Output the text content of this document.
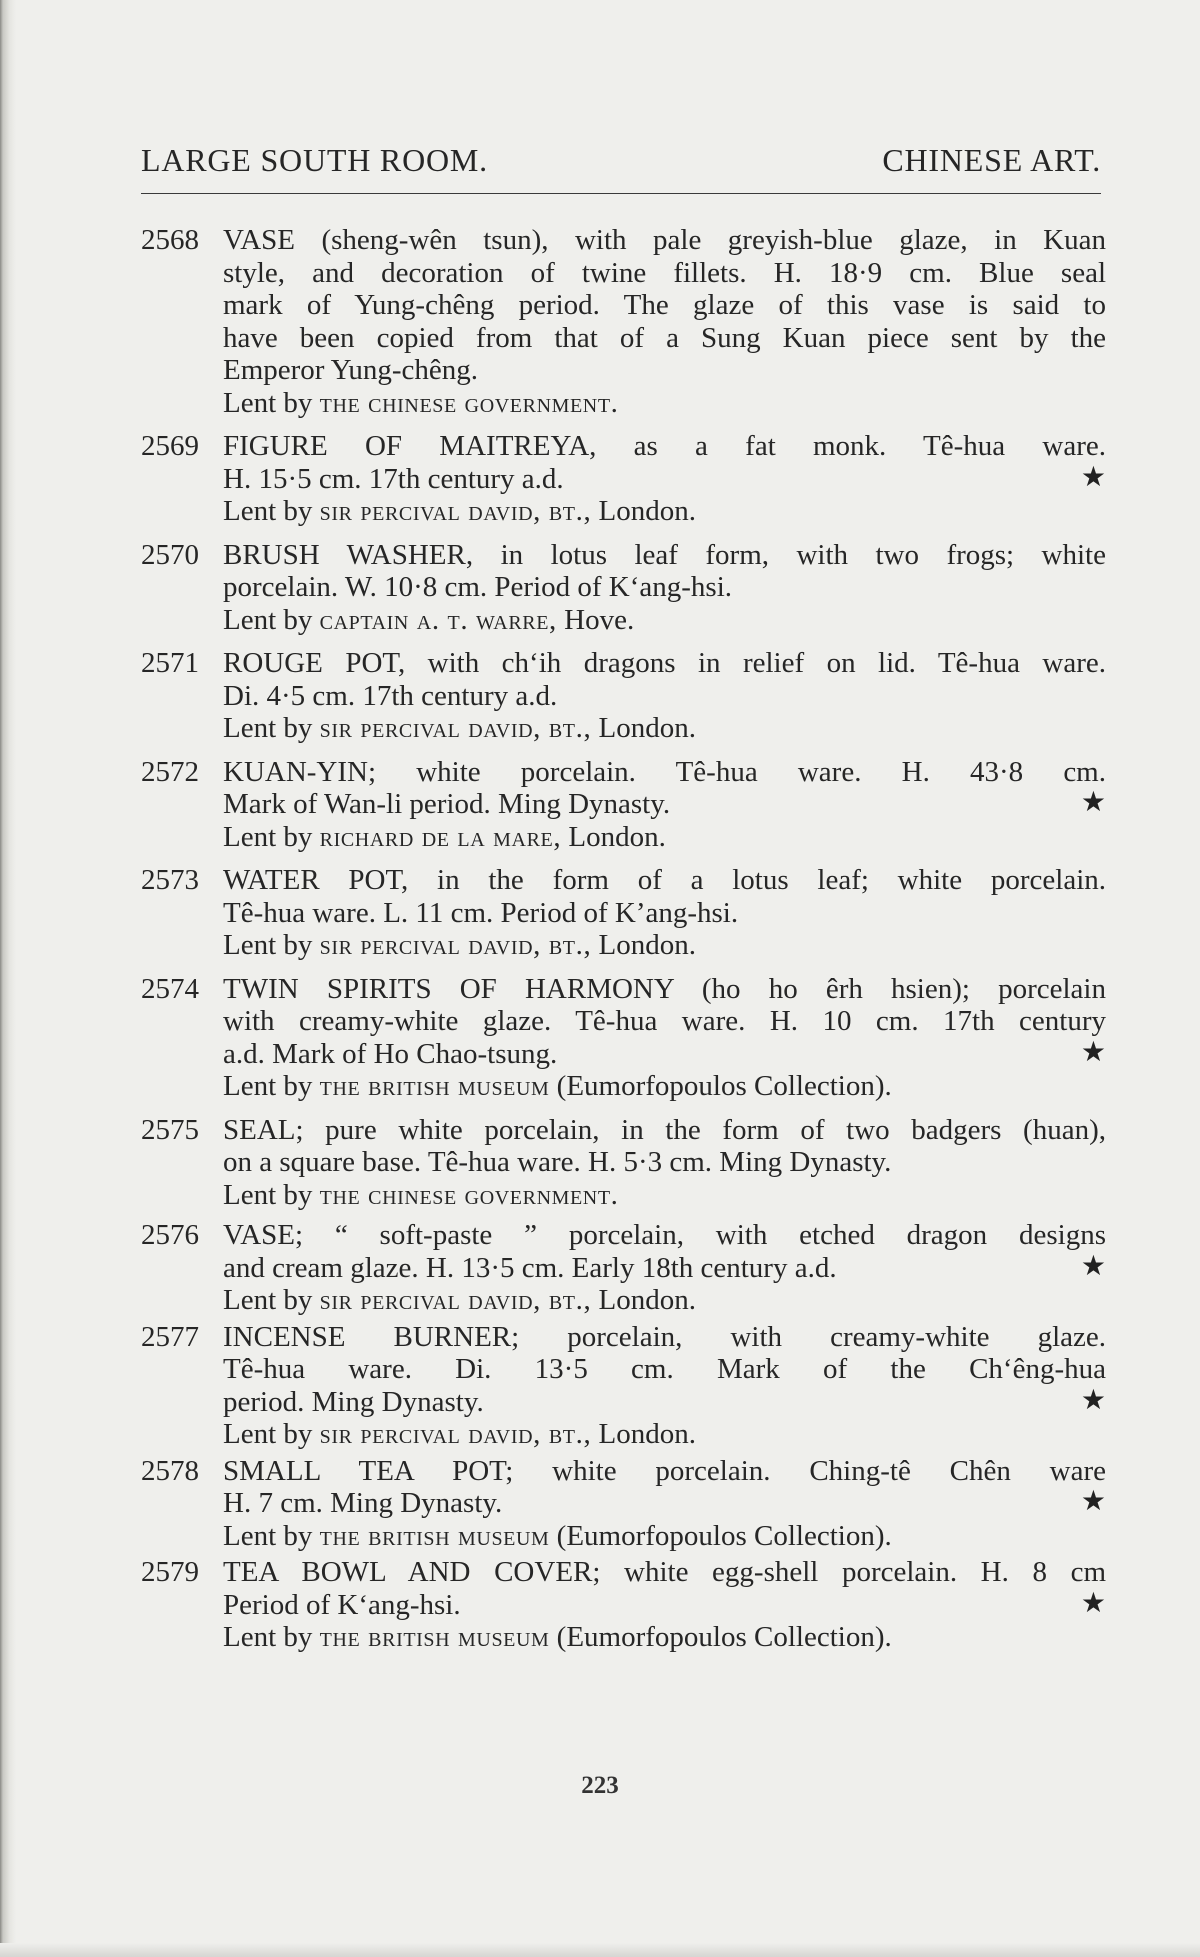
LARGE SOUTH ROOM.	CHINESE ART.
2568 VASE (sheng-wên tsun), with pale greyish-blue glaze, in Kuan
style, and decoration of twine fillets. H. 18·9 cm. Blue seal
mark of Yung-chêng period. The glaze of this vase is said to
have been copied from that of a Sung Kuan piece sent by the
Emperor Yung-chêng.
Lent by the chinese government.
2569 FIGURE OF MAITREYA, as a fat monk. Tê-hua ware.
H. 15·5 cm. 17th century a.d.	★
Lent by sir percival david, bt., London.
2570 BRUSH WASHER, in lotus leaf form, with two frogs; white
porcelain. W. 10·8 cm. Period of K‘ang-hsi.
Lent by captain a. t. warre, Hove.
2571 ROUGE POT, with ch‘ih dragons in relief on lid. Tê-hua ware.
Di. 4·5 cm. 17th century a.d.
Lent by sir percival david, bt., London.
2572 KUAN-YIN; white porcelain. Tê-hua ware. H. 43·8 cm.
Mark of Wan-li period. Ming Dynasty.	★
Lent by richard de la mare, London.
2573 WATER POT, in the form of a lotus leaf; white porcelain.
Tê-hua ware. L. 11 cm. Period of K’ang-hsi.
Lent by sir percival david, bt., London.
2574 TWIN SPIRITS OF HARMONY (ho ho êrh hsien); porcelain
with creamy-white glaze. Tê-hua ware. H. 10 cm. 17th century
a.d. Mark of Ho Chao-tsung.	★
Lent by the british museum (Eumorfopoulos Collection).
2575 SEAL; pure white porcelain, in the form of two badgers (huan),
on a square base. Tê-hua ware. H. 5·3 cm. Ming Dynasty.
Lent by the chinese government.
2576 VASE; “ soft-paste ” porcelain, with etched dragon designs
and cream glaze. H. 13·5 cm. Early 18th century a.d.	★
Lent by sir percival david, bt., London.
2577 INCENSE BURNER; porcelain, with creamy-white glaze.
Tê-hua ware. Di. 13·5 cm. Mark of the Ch‘êng-hua
period. Ming Dynasty.	★
Lent by sir percival david, bt., London.
2578 SMALL TEA POT; white porcelain. Ching-tê Chên ware
H. 7 cm. Ming Dynasty.	★
Lent by the british museum (Eumorfopoulos Collection).
2579 TEA BOWL AND COVER; white egg-shell porcelain. H. 8 cm
Period of K‘ang-hsi.	★
Lent by the british museum (Eumorfopoulos Collection).
223
